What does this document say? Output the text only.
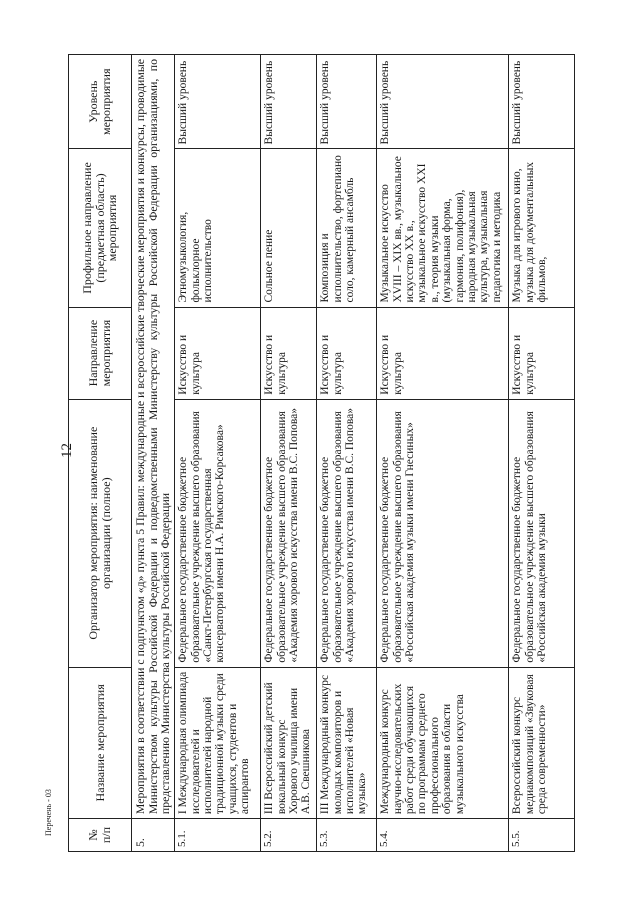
12
Перечень - 03	№ п/п	Название мероприятия	Организатор мероприятия: наименование организации (полное)	Направление мероприятия	Профильное направление (предметная область) мероприятия	Уровень мероприятия
5.	Мероприятия в соответствии с подпунктом «д» пункта 5 Правил: международные и всероссийские творческие мероприятия и конкурсы, проводимые Министерством культуры Российской Федерации и подведомственными Министерству культуры Российской Федерации организациями, по представлению Министерства культуры Российской Федерации				
5.1.	I Международная олимпиада исследователей и исполнителей народной традиционной музыки среди учащихся, студентов и аспирантов	Федеральное государственное бюджетное образовательное учреждение высшего образования «Санкт-Петербургская государственная консерватория имени Н.А. Римского-Корсакова»	Искусство и культура	Этномузыкология, фольклорное исполнительство	Высший уровень
5.2.	III Всероссийский детский вокальный конкурс Хорового училища имени А.В. Свешникова	Федеральное государственное бюджетное образовательное учреждение высшего образования «Академия хорового искусства имени В.С. Попова»	Искусство и культура	Сольное пение	Высший уровень
5.3.	III Международный конкурс молодых композиторов и исполнителей «Новая музыка»	Федеральное государственное бюджетное образовательное учреждение высшего образования «Академия хорового искусства имени В.С. Попова»	Искусство и культура	Композиция и исполнительство, фортепиано соло, камерный ансамбль	Высший уровень
5.4.	Международный конкурс научно-исследовательских работ среди обучающихся по программам среднего профессионального образования в области музыкального искусства	Федеральное государственное бюджетное образовательное учреждение высшего образования «Российская академия музыки имени Гнесиных»	Искусство и культура	Музыкальное искусство XVIII – XIX вв., музыкальное искусство XX в., музыкальное искусство XXI в., теория музыки (музыкальная форма, гармония, полифония), народная музыкальная культура, музыкальная педагогика и методика	Высший уровень
5.5.	Всероссийский конкурс медиакомпозиций «Звуковая среда современности»	Федеральное государственное бюджетное образовательное учреждение высшего образования «Российская академия музыки	Искусство и культура	Музыка для игрового кино, музыка для документальных фильмов,	Высший уровень
